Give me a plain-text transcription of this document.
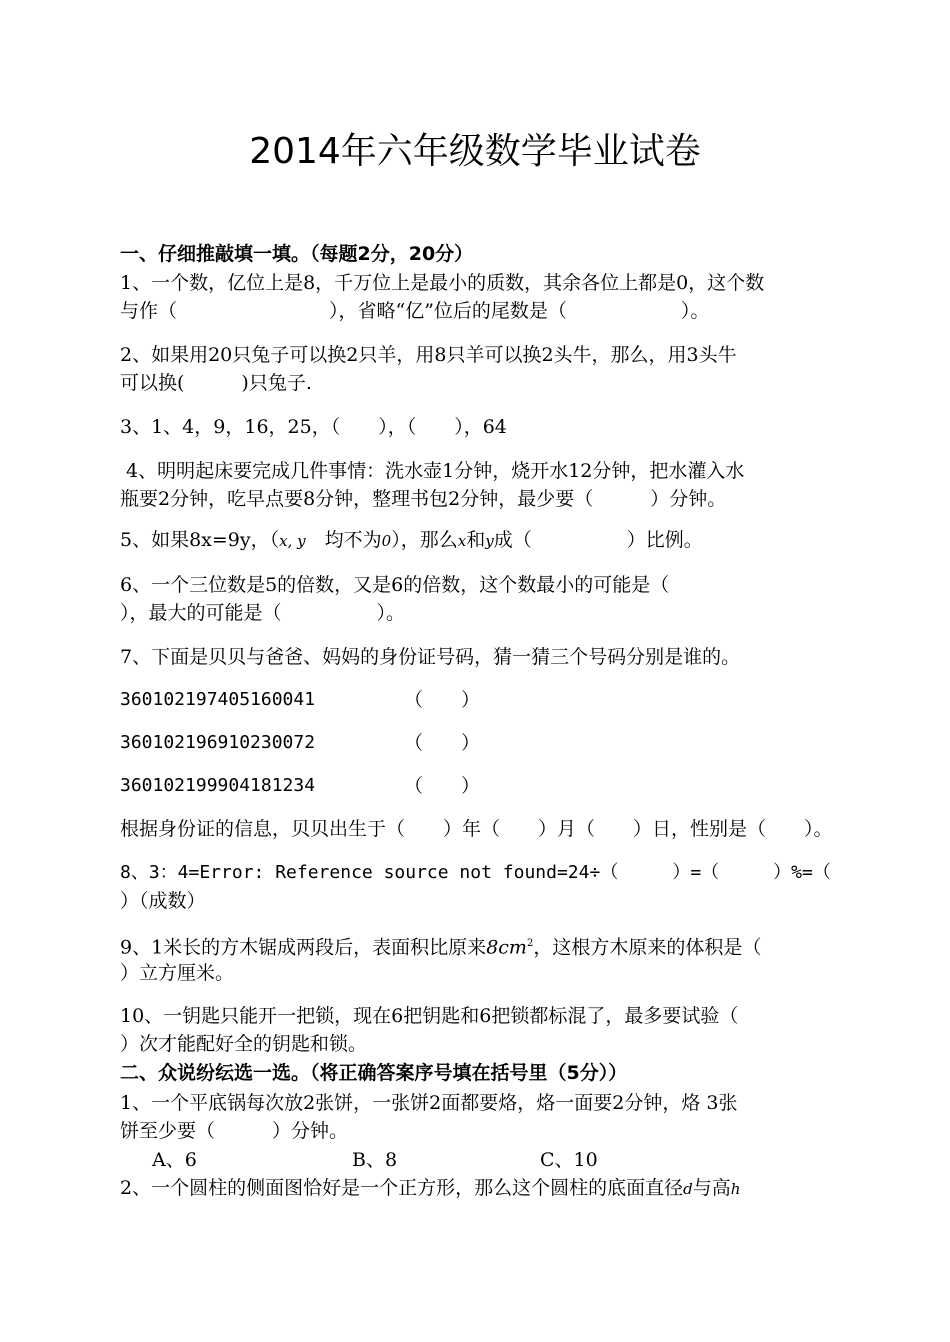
2014年六年级数学毕业试卷
一、仔细推敲填一填。（每题2分，20分）
1、一个数，亿位上是8，千万位上是最小的质数，其余各位上都是0，这个数
与作（　　　　　　　　），省略“亿”位后的尾数是（　　　　　　）。
2、如果用20只兔子可以换2只羊，用8只羊可以换2头牛，那么，用3头牛
可以换(　　　)只兔子.
3、1、4，9，16，25，（　　），（　　），64
4、明明起床要完成几件事情：洗水壶1分钟，烧开水12分钟，把水灌入水
瓶要2分钟，吃早点要8分钟，整理书包2分钟，最少要（　　　）分钟。
5、如果8x=9y，（x, y　 均不为0），那么x和y成（　　　　　）比例。
6、一个三位数是5的倍数，又是6的倍数，这个数最小的可能是（
），最大的可能是（　　　　　）。
7、下面是贝贝与爸爸、妈妈的身份证号码，猜一猜三个号码分别是谁的。
360102197405160041	（　　）
360102196910230072	（　　）
360102199904181234	（　　）
根据身份证的信息，贝贝出生于（　　）年（　　）月（　　）日，性别是（　　）。
8、3：4=Error: Reference source not found=24÷（　　　）=（　　　）%=（
）（成数）
9、1米长的方木锯成两段后，表面积比原来$8cm^2$，这根方木原来的体积是（
）立方厘米。
10、一钥匙只能开一把锁，现在6把钥匙和6把锁都标混了，最多要试验（
）次才能配好全的钥匙和锁。
二、众说纷纭选一选。（将正确答案序号填在括号里（5分））
1、一个平底锅每次放2张饼，一张饼2面都要烙，烙一面要2分钟，烙 3张
饼至少要（　　　）分钟。
A、6	B、8	C、10
2、一个圆柱的侧面图恰好是一个正方形，那么这个圆柱的底面直径d与高h
